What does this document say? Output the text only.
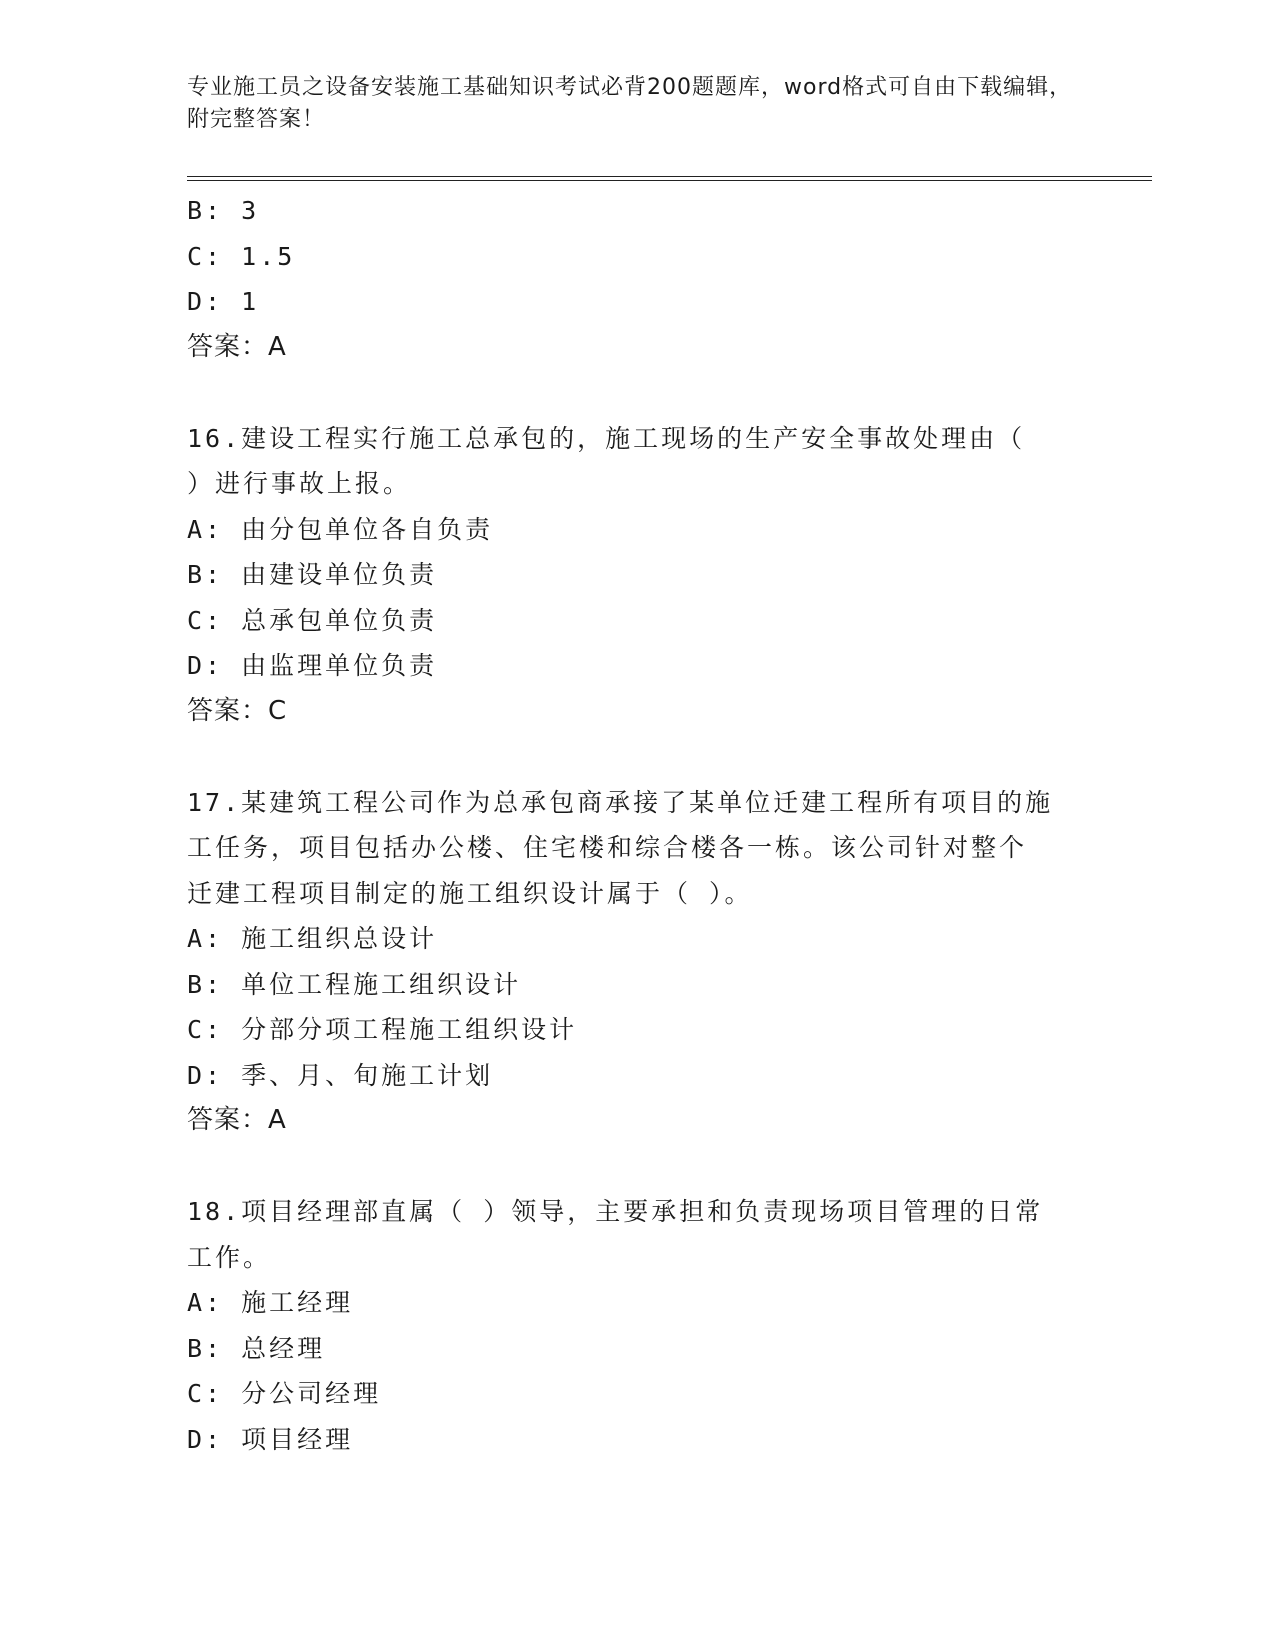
专业施工员之设备安装施工基础知识考试必背200题题库，word格式可自由下载编辑，附完整答案！
B: 3
C: 1.5
D: 1
答案：A
16.建设工程实行施工总承包的，施工现场的生产安全事故处理由（
）进行事故上报。
A: 由分包单位各自负责
B: 由建设单位负责
C: 总承包单位负责
D: 由监理单位负责
答案：C
17.某建筑工程公司作为总承包商承接了某单位迁建工程所有项目的施
工任务，项目包括办公楼、住宅楼和综合楼各一栋。该公司针对整个
迁建工程项目制定的施工组织设计属于（ ）。
A: 施工组织总设计
B: 单位工程施工组织设计
C: 分部分项工程施工组织设计
D: 季、月、旬施工计划
答案：A
18.项目经理部直属（ ）领导，主要承担和负责现场项目管理的日常
工作。
A: 施工经理
B: 总经理
C: 分公司经理
D: 项目经理
